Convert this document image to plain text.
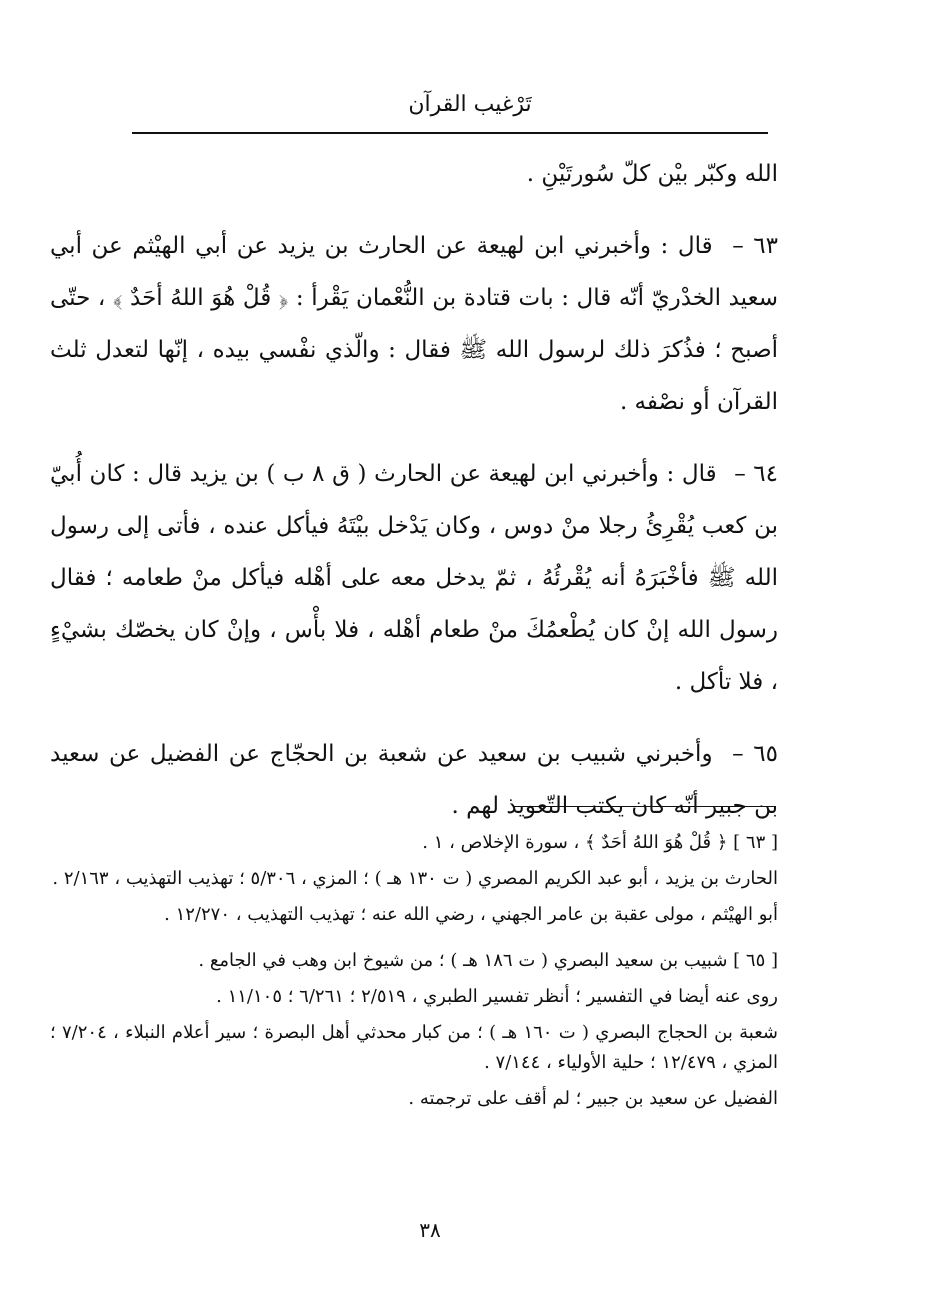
تَرْغيب القرآن

الله وكبّر بيْن كلّ سُورتَيْنِ .

٦٣ – قال : وأخبرني ابن لهيعة عن الحارث بن يزيد عن أبي الهيْثم عن أبي سعيد الخدْريّ أنّه قال : بات قتادة بن النُّعْمان يَقْرأ : ﴿ قُلْ هُوَ اللهُ أحَدٌ ﴾ ، حتّى أصبح ؛ فذُكرَ ذلك لرسول الله ﷺ فقال : والّذي نفْسي بيده ، إنّها لتعدل ثلث القرآن أو نصْفه .

٦٤ – قال : وأخبرني ابن لهيعة عن الحارث ( ق ٨ ب ) بن يزيد قال : كان أُبيّ بن كعب يُقْرِئُ رجلا منْ دوس ، وكان يَدْخل بيْتَهُ فيأكل عنده ، فأتى إلى رسول الله ﷺ فأخْبَرَهُ أنه يُقْرئُهُ ، ثمّ يدخل معه على أهْله فيأكل منْ طعامه ؛ فقال رسول الله إنْ كان يُطْعمُكَ منْ طعام أهْله ، فلا بأْس ، وإنْ كان يخصّك بشيْءٍ ، فلا تأكل .

٦٥ – وأخبرني شبيب بن سعيد عن شعبة بن الحجّاج عن الفضيل عن سعيد بن جبير أنّه كان يكتب التّعويذ لهم .

[ ٦٣ ] ﴿ قُلْ هُوَ اللهُ أحَدٌ ﴾ ، سورة الإخلاص ، ١ .

الحارث بن يزيد ، أبو عبد الكريم المصري ( ت ١٣٠ هـ ) ؛ المزي ، ٥/٣٠٦ ؛ تهذيب التهذيب ، ٢/١٦٣ .

أبو الهيْثم ، مولى عقبة بن عامر الجهني ، رضي الله عنه ؛ تهذيب التهذيب ، ١٢/٢٧٠ .

[ ٦٥ ] شبيب بن سعيد البصري ( ت ١٨٦ هـ ) ؛ من شيوخ ابن وهب في الجامع .

روى عنه أيضا في التفسير ؛ أنظر تفسير الطبري ، ٢/٥١٩ ؛ ٦/٢٦١ ؛ ١١/١٠٥ .

شعبة بن الحجاج البصري ( ت ١٦٠ هـ ) ؛ من كبار محدثي أهل البصرة ؛ سير أعلام النبلاء ، ٧/٢٠٤ ؛ المزي ، ١٢/٤٧٩ ؛ حلية الأولياء ، ٧/١٤٤ .

الفضيل عن سعيد بن جبير ؛ لم أقف على ترجمته .

٣٨
